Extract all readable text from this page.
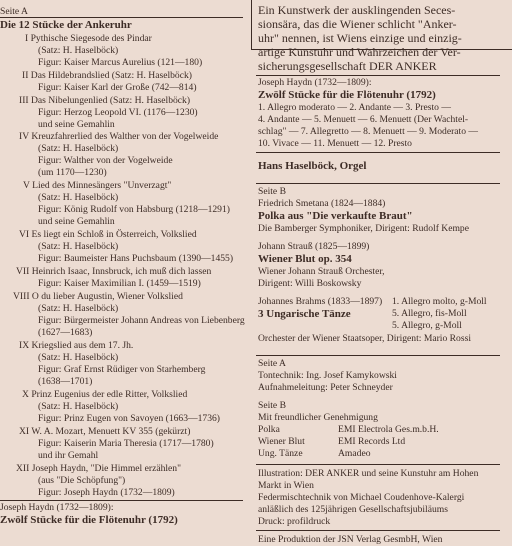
Seite A
Die 12 Stücke der Ankeruhr
I Pythische Siegesode des Pindar
(Satz: H. Haselböck)
Figur: Kaiser Marcus Aurelius (121—180)
II Das Hildebrandslied (Satz: H. Haselböck)
Figur: Kaiser Karl der Große (742—814)
III Das Nibelungenlied (Satz: H. Haselböck)
Figur: Herzog Leopold VI. (1176—1230)
und seine Gemahlin
IV Kreuzfahrerlied des Walther von der Vogelweide
(Satz: H. Haselböck)
Figur: Walther von der Vogelweide
(um 1170—1230)
V Lied des Minnesängers "Unverzagt"
(Satz: H. Haselböck)
Figur: König Rudolf von Habsburg (1218—1291)
und seine Gemahlin
VI Es liegt ein Schloß in Österreich, Volkslied
(Satz: H. Haselböck)
Figur: Baumeister Hans Puchsbaum (1390—1455)
VII Heinrich Isaac, Innsbruck, ich muß dich lassen
Figur: Kaiser Maximilian I. (1459—1519)
VIII O du lieber Augustin, Wiener Volkslied
(Satz: H. Haselböck)
Figur: Bürgermeister Johann Andreas von Liebenberg
(1627—1683)
IX Kriegslied aus dem 17. Jh.
(Satz: H. Haselböck)
Figur: Graf Ernst Rüdiger von Starhemberg
(1638—1701)
X Prinz Eugenius der edle Ritter, Volkslied
(Satz: H. Haselböck)
Figur: Prinz Eugen von Savoyen (1663—1736)
XI W. A. Mozart, Menuett KV 355 (gekürzt)
Figur: Kaiserin Maria Theresia (1717—1780)
und ihr Gemahl
XII Joseph Haydn, "Die Himmel erzählen"
(aus "Die Schöpfung")
Figur: Joseph Haydn (1732—1809)
Joseph Haydn (1732—1809):
Zwölf Stücke für die Flötenuhr (1792)
Ein Kunstwerk der ausklingenden Seces-
sionsära, das die Wiener schlicht "Anker-
uhr" nennen, ist Wiens einzige und einzig-
artige Kunstuhr und Wahrzeichen der Ver-
sicherungsgesellschaft DER ANKER
Joseph Haydn (1732—1809):
Zwölf Stücke für die Flötenuhr (1792)
1. Allegro moderato — 2. Andante — 3. Presto —
4. Andante — 5. Menuett — 6. Menuett (Der Wachtel-
schlag" — 7. Allegretto — 8. Menuett — 9. Moderato —
10. Vivace — 11. Menuett — 12. Presto
Hans Haselböck, Orgel
Seite B
Friedrich Smetana (1824—1884)
Polka aus "Die verkaufte Braut"
Die Bamberger Symphoniker, Dirigent: Rudolf Kempe
Johann Strauß (1825—1899)
Wiener Blut op. 354
Wiener Johann Strauß Orchester,
Dirigent: Willi Boskowsky
Johannes Brahms (1833—1897)
3 Ungarische Tänze
1. Allegro molto, g-Moll
5. Allegro, fis-Moll
5. Allegro, g-Moll
Orchester der Wiener Staatsoper, Dirigent: Mario Rossi
Seite A
Tontechnik: Ing. Josef Kamykowski
Aufnahmeleitung: Peter Schneyder
Seite B
Mit freundlicher Genehmigung
Polka	EMI Electrola Ges.m.b.H.
Wiener Blut	EMI Records Ltd
Ung. Tänze	Amadeo
Illustration: DER ANKER und seine Kunstuhr am Hohen
Markt in Wien
Federmischtechnik von Michael Coudenhove-Kalergi
anläßlich des 125jährigen Gesellschaftsjubiläums
Druck: profildruck
Eine Produktion der JSN Verlag GesmbH, Wien
